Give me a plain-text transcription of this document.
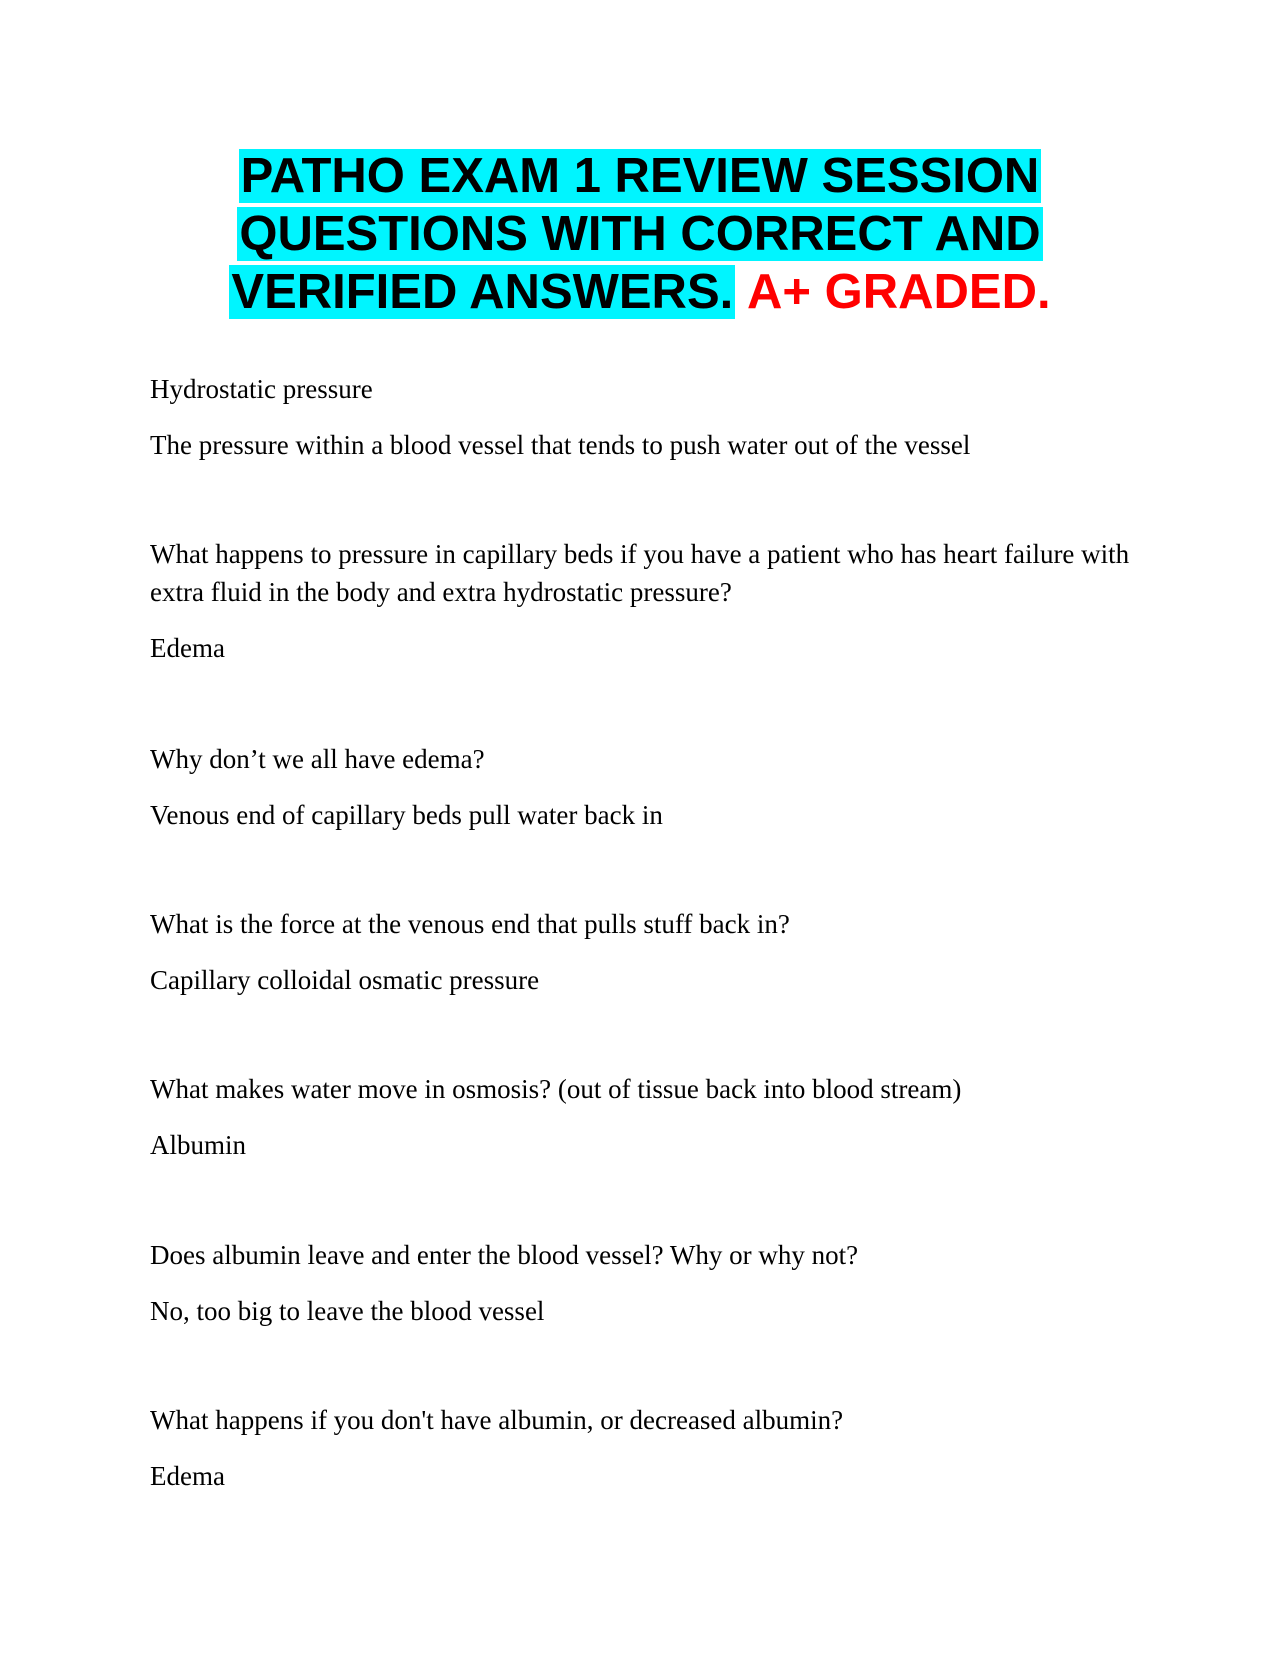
PATHO EXAM 1 REVIEW SESSION
QUESTIONS WITH CORRECT AND
VERIFIED ANSWERS. A+ GRADED.

Hydrostatic pressure

The pressure within a blood vessel that tends to push water out of the vessel

What happens to pressure in capillary beds if you have a patient who has heart failure with extra fluid in the body and extra hydrostatic pressure?

Edema

Why don’t we all have edema?

Venous end of capillary beds pull water back in

What is the force at the venous end that pulls stuff back in?

Capillary colloidal osmatic pressure

What makes water move in osmosis? (out of tissue back into blood stream)

Albumin

Does albumin leave and enter the blood vessel? Why or why not?

No, too big to leave the blood vessel

What happens if you don't have albumin, or decreased albumin?

Edema
